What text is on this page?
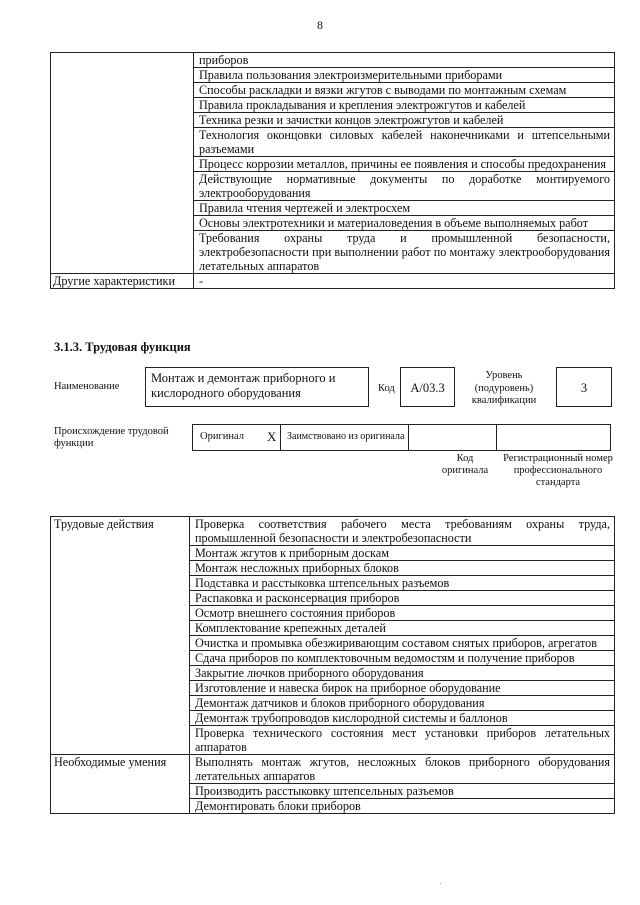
8
	приборов
	Правила пользования электроизмерительными приборами
	Способы раскладки и вязки жгутов с выводами по монтажным схемам
	Правила прокладывания и крепления электрожгутов и кабелей
	Техника резки и зачистки концов электрожгутов и кабелей
	Технология оконцовки силовых кабелей наконечниками и штепсельными разъемами
	Процесс коррозии металлов, причины ее появления и способы предохранения
	Действующие нормативные документы по доработке монтируемого электрооборудования
	Правила чтения чертежей и электросхем
	Основы электротехники и материаловедения в объеме выполняемых работ
	Требования охраны труда и промышленной безопасности, электробезопасности при выполнении работ по монтажу электрооборудования летательных аппаратов
Другие характеристики	-
3.1.3. Трудовая функция
Наименование
Монтаж и демонтаж приборного и кислородного оборудования	Код	А/03.3
Уровень (подуровень) квалификации
3
Происхождение трудовой функции
Оригинал X Заимствовано из оригинала
Код оригинала
Регистрационный номер профессионального стандарта
Трудовые действия	Проверка соответствия рабочего места требованиям охраны труда, промышленной безопасности и электробезопасности
	Монтаж жгутов к приборным доскам
	Монтаж несложных приборных блоков
	Подставка и расстыковка штепсельных разъемов
	Распаковка и расконсервация приборов
	Осмотр внешнего состояния приборов
	Комплектование крепежных деталей
	Очистка и промывка обезжиривающим составом снятых приборов, агрегатов
	Сдача приборов по комплектовочным ведомостям и получение приборов
	Закрытие лючков приборного оборудования
	Изготовление и навеска бирок на приборное оборудование
	Демонтаж датчиков и блоков приборного оборудования
	Демонтаж трубопроводов кислородной системы и баллонов
	Проверка технического состояния мест установки приборов летательных аппаратов
Необходимые умения	Выполнять монтаж жгутов, несложных блоков приборного оборудования летательных аппаратов
	Производить расстыковку штепсельных разъемов
	Демонтировать блоки приборов
.
